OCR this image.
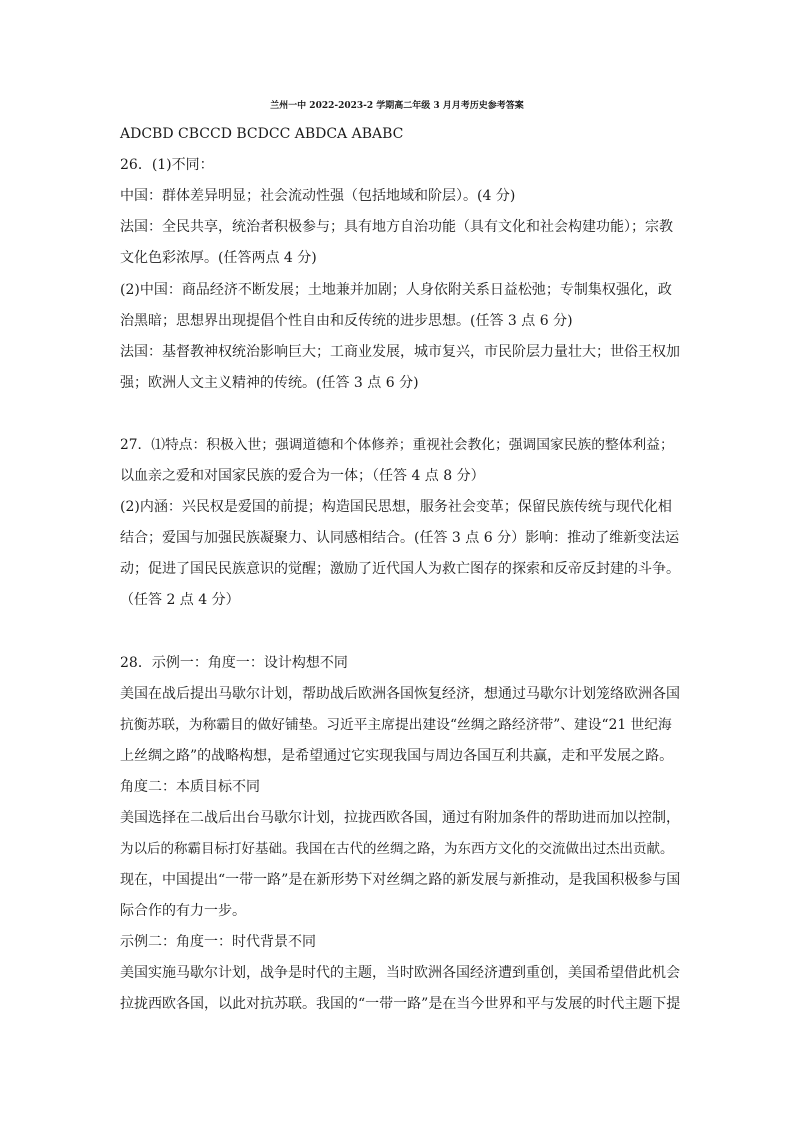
兰州一中 2022-2023-2 学期高二年级 3 月月考历史参考答案
ADCBD CBCCD BCDCC ABDCA ABABC
26．(1)不同：
中国：群体差异明显；社会流动性强（包括地域和阶层）。(4 分)
法国：全民共享，统治者积极参与；具有地方自治功能（具有文化和社会构建功能）；宗教
文化色彩浓厚。(任答两点 4 分)
(2)中国：商品经济不断发展；土地兼并加剧；人身依附关系日益松弛；专制集权强化，政
治黑暗；思想界出现提倡个性自由和反传统的进步思想。(任答 3 点 6 分)
法国：基督教神权统治影响巨大；工商业发展，城市复兴，市民阶层力量壮大；世俗王权加
强；欧洲人文主义精神的传统。(任答 3 点 6 分)
27．⑴特点：积极入世；强调道德和个体修养；重视社会教化；强调国家民族的整体利益；
以血亲之爱和对国家民族的爱合为一体；（任答 4 点 8 分）
(2)内涵：兴民权是爱国的前提；构造国民思想，服务社会变革；保留民族传统与现代化相
结合；爱国与加强民族凝聚力、认同感相结合。(任答 3 点 6 分）影响：推动了维新变法运
动；促进了国民民族意识的觉醒；激励了近代国人为救亡图存的探索和反帝反封建的斗争。
（任答 2 点 4 分）
28．示例一：角度一：设计构想不同
美国在战后提出马歇尔计划，帮助战后欧洲各国恢复经济，想通过马歇尔计划笼络欧洲各国
抗衡苏联，为称霸目的做好铺垫。习近平主席提出建设“丝绸之路经济带”、建设“21 世纪海
上丝绸之路”的战略构想，是希望通过它实现我国与周边各国互利共赢，走和平发展之路。
角度二：本质目标不同
美国选择在二战后出台马歇尔计划，拉拢西欧各国，通过有附加条件的帮助进而加以控制，
为以后的称霸目标打好基础。我国在古代的丝绸之路，为东西方文化的交流做出过杰出贡献。
现在，中国提出“一带一路”是在新形势下对丝绸之路的新发展与新推动，是我国积极参与国
际合作的有力一步。
示例二：角度一：时代背景不同
美国实施马歇尔计划，战争是时代的主题，当时欧洲各国经济遭到重创，美国希望借此机会
拉拢西欧各国，以此对抗苏联。我国的“一带一路”是在当今世界和平与发展的时代主题下提
